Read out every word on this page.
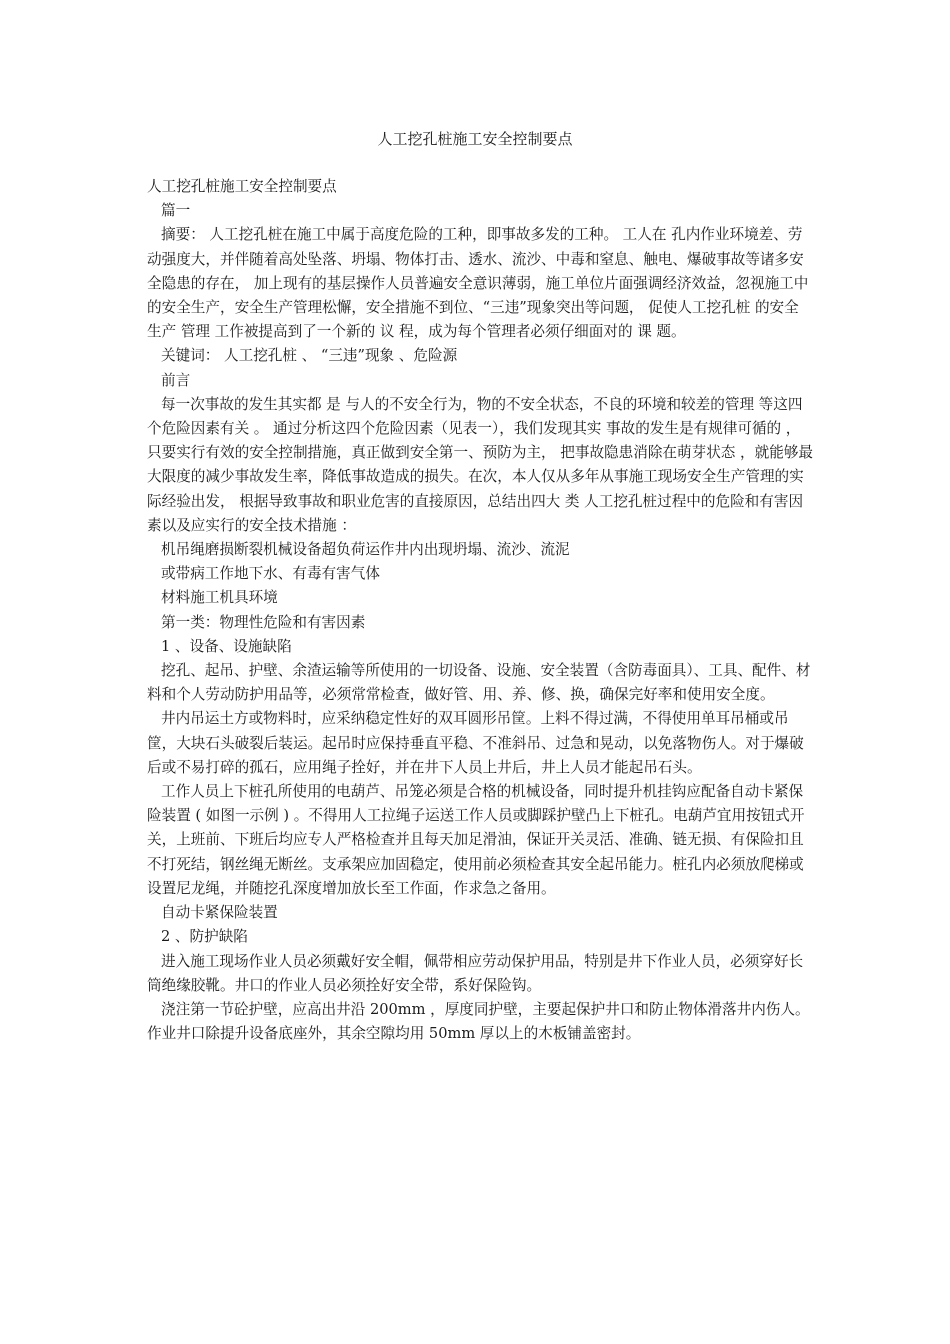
人工挖孔桩施工安全控制要点

人工挖孔桩施工安全控制要点

篇一

摘要： 人工挖孔桩在施工中属于高度危险的工种，即事故多发的工种。 工人在 孔内作业环境差、劳动强度大，并伴随着高处坠落、坍塌、物体打击、透水、流沙、中毒和窒息、触电、爆破事故等诸多安全隐患的存在， 加上现有的基层操作人员普遍安全意识薄弱，施工单位片面强调经济效益，忽视施工中的安全生产，安全生产管理松懈，安全措施不到位、“三违”现象突出等问题， 促使人工挖孔桩 的安全生产 管理 工作被提高到了一个新的 议 程，成为每个管理者必须仔细面对的 课 题。

关键词： 人工挖孔桩 、 “三违”现象 、危险源

前言

每一次事故的发生其实都 是 与人的不安全行为，物的不安全状态，不良的环境和较差的管理 等这四个危险因素有关 。 通过分析这四个危险因素（见表一），我们发现其实 事故的发生是有规律可循的 ，只要实行有效的安全控制措施，真正做到安全第一、预防为主， 把事故隐患消除在萌芽状态 ，就能够最大限度的减少事故发生率，降低事故造成的损失。在次，本人仅从多年从事施工现场安全生产管理的实际经验出发， 根据导致事故和职业危害的直接原因，总结出四大 类 人工挖孔桩过程中的危险和有害因素以及应实行的安全技术措施 ：

机吊绳磨损断裂机械设备超负荷运作井内出现坍塌、流沙、流泥

或带病工作地下水、有毒有害气体

材料施工机具环境

第一类：物理性危险和有害因素

1 、设备、设施缺陷

挖孔、起吊、护壁、余渣运输等所使用的一切设备、设施、安全装置（含防毒面具）、工具、配件、材料和个人劳动防护用品等，必须常常检查，做好管、用、养、修、换，确保完好率和使用安全度。

井内吊运土方或物料时，应采纳稳定性好的双耳圆形吊筐。上料不得过满，不得使用单耳吊桶或吊筐，大块石头破裂后装运。起吊时应保持垂直平稳、不准斜吊、过急和晃动，以免落物伤人。对于爆破后或不易打碎的孤石，应用绳子拴好，并在井下人员上井后，井上人员才能起吊石头。

工作人员上下桩孔所使用的电葫芦、吊笼必须是合格的机械设备，同时提升机挂钩应配备自动卡紧保险装置 ( 如图一示例 ) 。不得用人工拉绳子运送工作人员或脚踩护壁凸上下桩孔。电葫芦宜用按钮式开关，上班前、下班后均应专人严格检查并且每天加足滑油，保证开关灵活、准确、链无损、有保险扣且不打死结，钢丝绳无断丝。支承架应加固稳定，使用前必须检查其安全起吊能力。桩孔内必须放爬梯或设置尼龙绳，并随挖孔深度增加放长至工作面，作求急之备用。

自动卡紧保险装置

2 、防护缺陷

进入施工现场作业人员必须戴好安全帽，佩带相应劳动保护用品，特别是井下作业人员，必须穿好长筒绝缘胶靴。井口的作业人员必须拴好安全带，系好保险钩。

浇注第一节砼护壁，应高出井沿 200mm ，厚度同护壁，主要起保护井口和防止物体滑落井内伤人。作业井口除提升设备底座外，其余空隙均用 50mm 厚以上的木板铺盖密封。
